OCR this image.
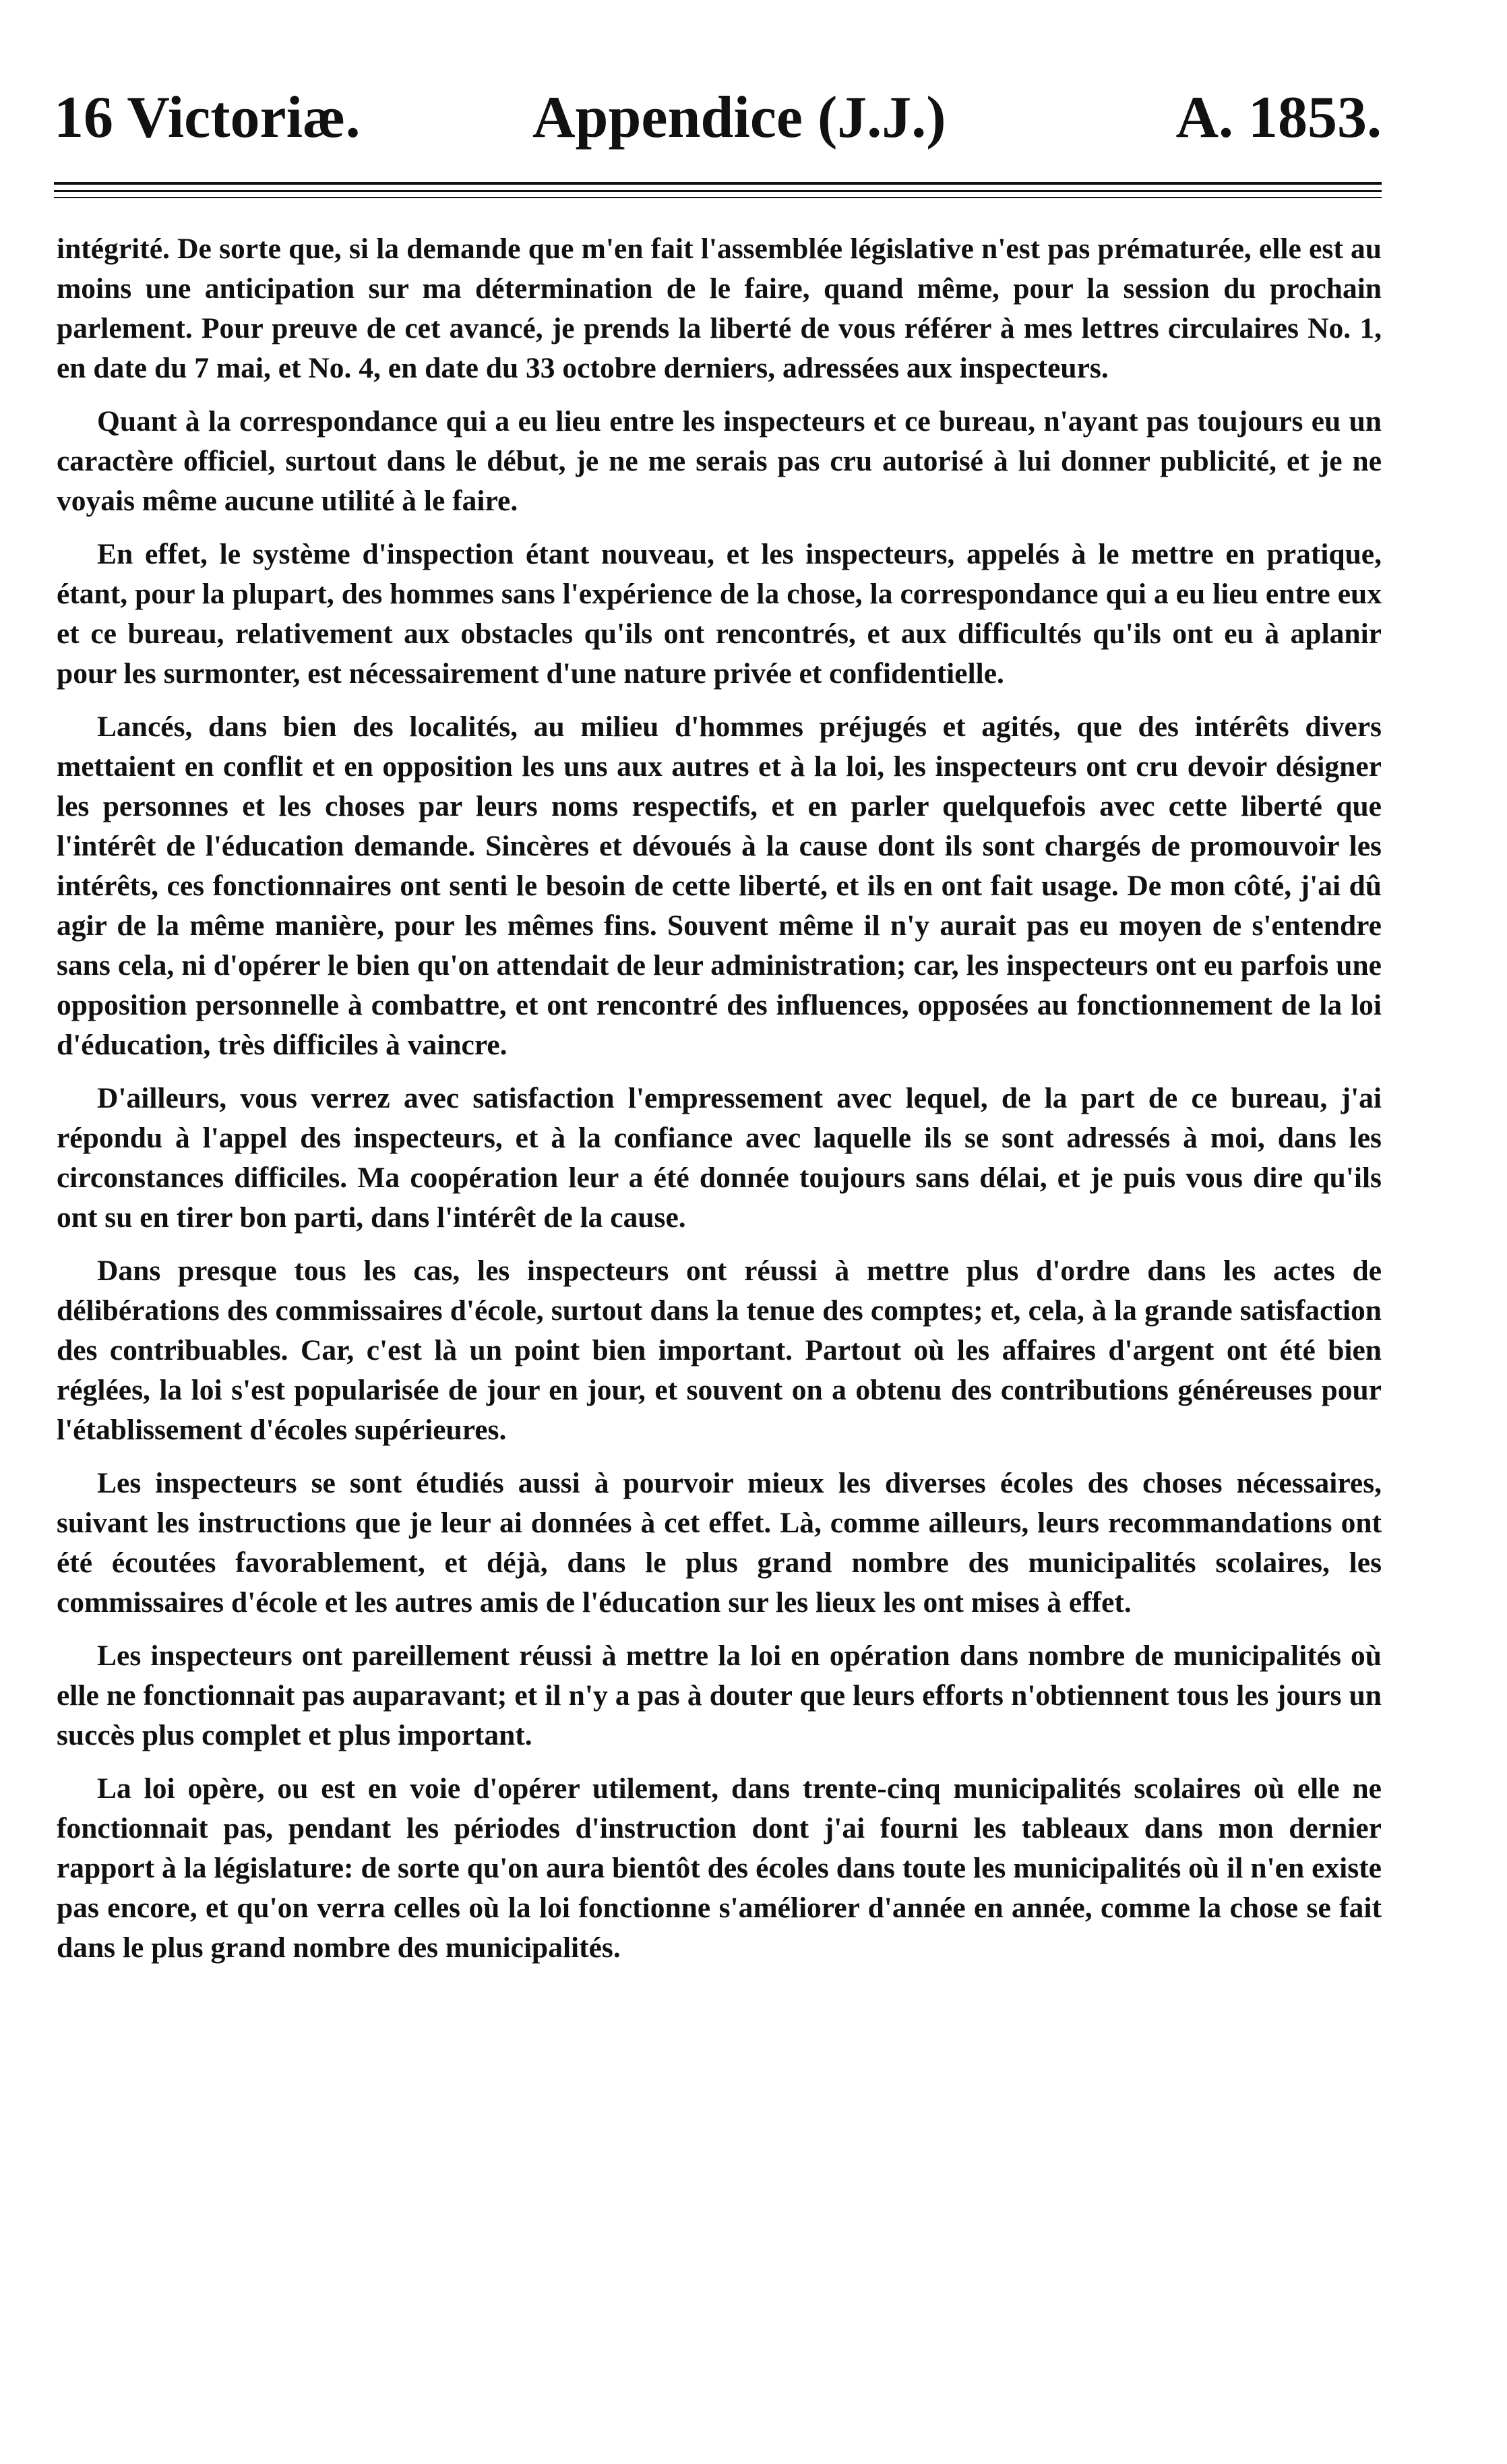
16 Victoriæ.	Appendice (J.J.)	A. 1853.

intégrité. De sorte que, si la demande que m'en fait l'assemblée législative n'est pas prématurée, elle est au moins une anticipation sur ma détermination de le faire, quand même, pour la session du prochain parlement. Pour preuve de cet avancé, je prends la liberté de vous référer à mes lettres circulaires No. 1, en date du 7 mai, et No. 4, en date du 33 octobre derniers, adressées aux inspecteurs.

Quant à la correspondance qui a eu lieu entre les inspecteurs et ce bureau, n'ayant pas toujours eu un caractère officiel, surtout dans le début, je ne me serais pas cru autorisé à lui donner publicité, et je ne voyais même aucune utilité à le faire.

En effet, le système d'inspection étant nouveau, et les inspecteurs, appelés à le mettre en pratique, étant, pour la plupart, des hommes sans l'expérience de la chose, la correspondance qui a eu lieu entre eux et ce bureau, relativement aux obstacles qu'ils ont rencontrés, et aux difficultés qu'ils ont eu à aplanir pour les surmonter, est nécessairement d'une nature privée et confidentielle.

Lancés, dans bien des localités, au milieu d'hommes préjugés et agités, que des intérêts divers mettaient en conflit et en opposition les uns aux autres et à la loi, les inspecteurs ont cru devoir désigner les personnes et les choses par leurs noms respectifs, et en parler quelquefois avec cette liberté que l'intérêt de l'éducation demande. Sincères et dévoués à la cause dont ils sont chargés de promouvoir les intérêts, ces fonctionnaires ont senti le besoin de cette liberté, et ils en ont fait usage. De mon côté, j'ai dû agir de la même manière, pour les mêmes fins. Souvent même il n'y aurait pas eu moyen de s'entendre sans cela, ni d'opérer le bien qu'on attendait de leur administration; car, les inspecteurs ont eu parfois une opposition personnelle à combattre, et ont rencontré des influences, opposées au fonctionnement de la loi d'éducation, très difficiles à vaincre.

D'ailleurs, vous verrez avec satisfaction l'empressement avec lequel, de la part de ce bureau, j'ai répondu à l'appel des inspecteurs, et à la confiance avec laquelle ils se sont adressés à moi, dans les circonstances difficiles. Ma coopération leur a été donnée toujours sans délai, et je puis vous dire qu'ils ont su en tirer bon parti, dans l'intérêt de la cause.

Dans presque tous les cas, les inspecteurs ont réussi à mettre plus d'ordre dans les actes de délibérations des commissaires d'école, surtout dans la tenue des comptes; et, cela, à la grande satisfaction des contribuables. Car, c'est là un point bien important. Partout où les affaires d'argent ont été bien réglées, la loi s'est popularisée de jour en jour, et souvent on a obtenu des contributions généreuses pour l'établissement d'écoles supérieures.

Les inspecteurs se sont étudiés aussi à pourvoir mieux les diverses écoles des choses nécessaires, suivant les instructions que je leur ai données à cet effet. Là, comme ailleurs, leurs recommandations ont été écoutées favorablement, et déjà, dans le plus grand nombre des municipalités scolaires, les commissaires d'école et les autres amis de l'éducation sur les lieux les ont mises à effet.

Les inspecteurs ont pareillement réussi à mettre la loi en opération dans nombre de municipalités où elle ne fonctionnait pas auparavant; et il n'y a pas à douter que leurs efforts n'obtiennent tous les jours un succès plus complet et plus important.

La loi opère, ou est en voie d'opérer utilement, dans trente-cinq municipalités scolaires où elle ne fonctionnait pas, pendant les périodes d'instruction dont j'ai fourni les tableaux dans mon dernier rapport à la législature: de sorte qu'on aura bientôt des écoles dans toute les municipalités où il n'en existe pas encore, et qu'on verra celles où la loi fonctionne s'améliorer d'année en année, comme la chose se fait dans le plus grand nombre des municipalités.
